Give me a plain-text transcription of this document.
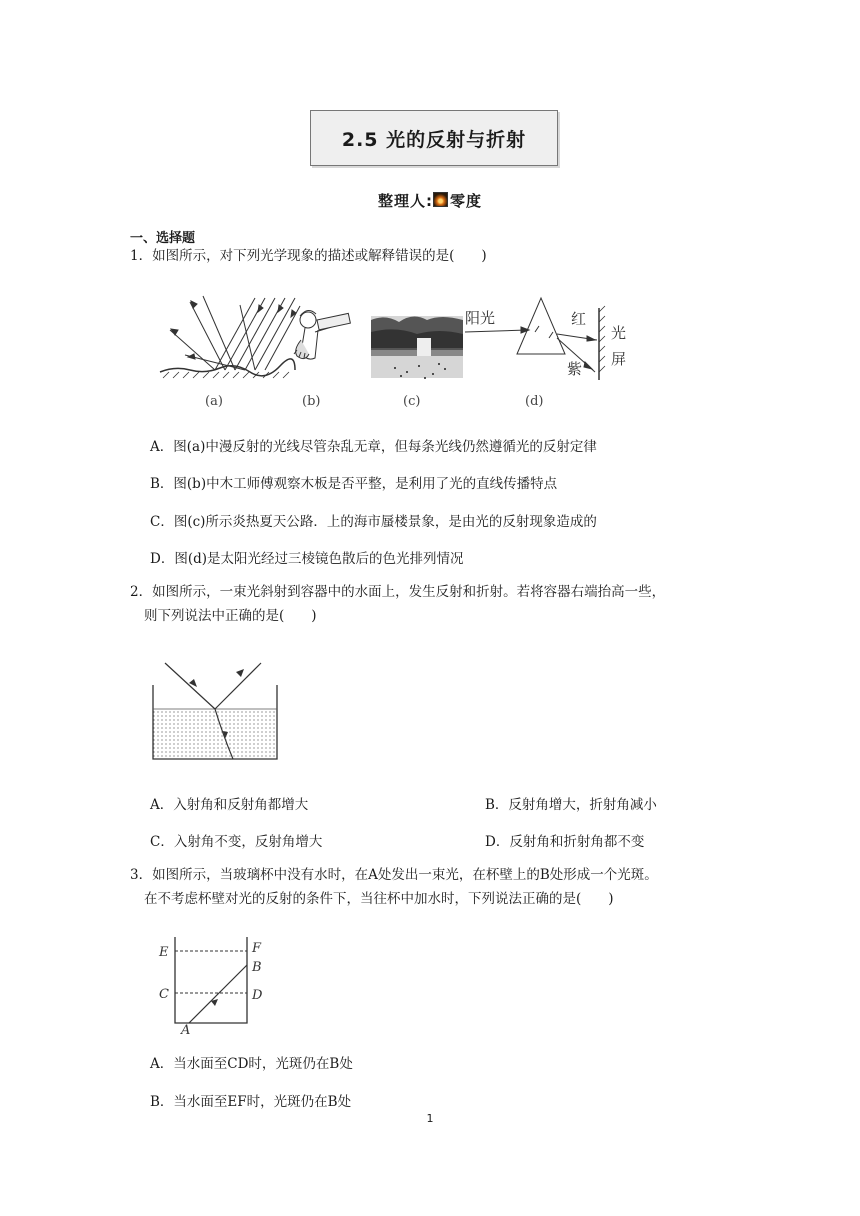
2.5 光的反射与折射
整理人: 零度
一、选择题
1．如图所示，对下列光学现象的描述或解释错误的是(　　)
(a)	(b)	(c)
阳光	红
紫
光
屏
(d)
A．图(a)中漫反射的光线尽管杂乱无章，但每条光线仍然遵循光的反射定律
B．图(b)中木工师傅观察木板是否平整，是利用了光的直线传播特点
C．图(c)所示炎热夏天公路．上的海市蜃楼景象，是由光的反射现象造成的
D．图(d)是太阳光经过三棱镜色散后的色光排列情况
2．如图所示，一束光斜射到容器中的水面上，发生反射和折射。若将容器右端抬高一些，
则下列说法中正确的是(　　)
A．入射角和反射角都增大	B．反射角增大，折射角减小
C．入射角不变，反射角增大	D．反射角和折射角都不变
3．如图所示，当玻璃杯中没有水时，在A处发出一束光，在杯壁上的B处形成一个光斑。
在不考虑杯壁对光的反射的条件下，当往杯中加水时，下列说法正确的是(　　)
E	F
B
C	D
A
A．当水面至CD时，光斑仍在B处
B．当水面至EF时，光斑仍在B处
1
